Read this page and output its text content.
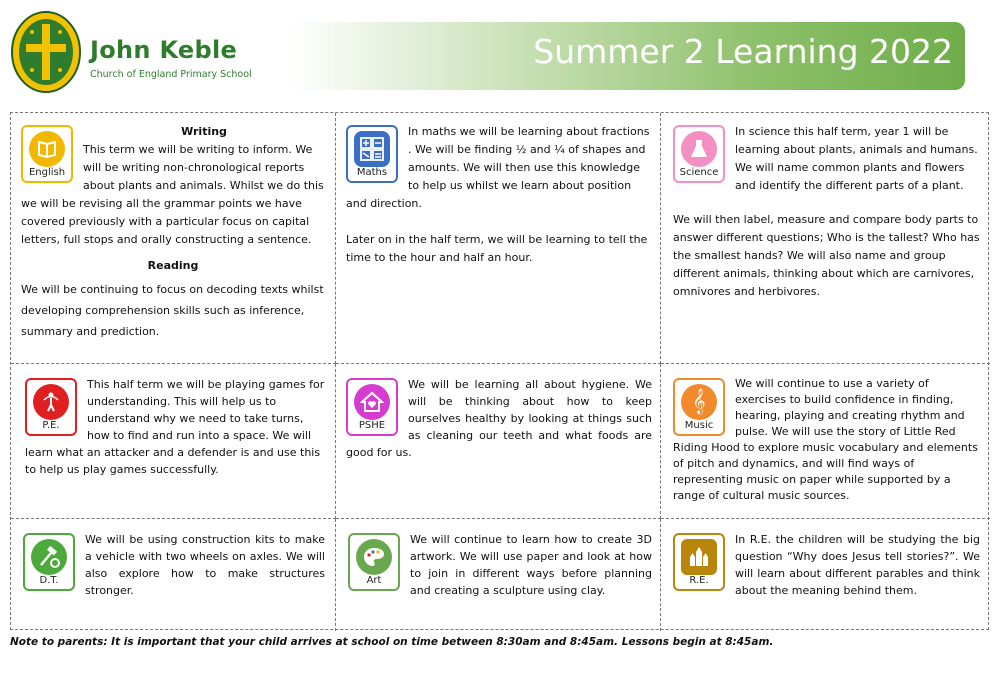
John Keble
Church of England Primary School
Summer 2 Learning 2022
English

Writing

This term we will be writing to inform. We will be writing non-chronological reports about plants and animals. Whilst we do this we will be revising all the grammar points we have covered previously with a particular focus on capital letters, full stops and orally constructing a sentence.

Reading

We will be continuing to focus on decoding texts whilst developing comprehension skills such as inference, summary and prediction.

Maths

In maths we will be learning about fractions . We will be finding ½ and ¼ of shapes and amounts. We will then use this knowledge to help us whilst we learn about position and direction.

Later on in the half term, we will be learning to tell the time to the hour and half an hour.

Science

In science this half term, year 1 will be learning about plants, animals and humans. We will name common plants and flowers and identify the different parts of a plant.

We will then label, measure and compare body parts to answer different questions; Who is the tallest? Who has the smallest hands? We will also name and group different animals, thinking about which are carnivores, omnivores and herbivores.

P.E.

This half term we will be playing games for understanding. This will help us to understand why we need to take turns, how to find and run into a space. We will learn what an attacker and a defender is and use this to help us play games successfully.

PSHE

We will be learning all about hygiene. We will be thinking about how to keep ourselves healthy by looking at things such as cleaning our teeth and what foods are good for us.

𝄞
Music

We will continue to use a variety of exercises to build confidence in finding, hearing, playing and creating rhythm and pulse. We will use the story of Little Red Riding Hood to explore music vocabulary and elements of pitch and dynamics, and will find ways of representing music on paper while supported by a range of cultural music sources.

D.T.

We will be using construction kits to make a vehicle with two wheels on axles. We will also explore how to make structures stronger.

Art

We will continue to learn how to create 3D artwork. We will use paper and look at how to join in different ways before planning and creating a sculpture using clay.

R.E.

In R.E. the children will be studying the big question “Why does Jesus tell stories?”. We will learn about different parables and think about the meaning behind them.

Note to parents: It is important that your child arrives at school on time between 8:30am and 8:45am. Lessons begin at 8:45am.
